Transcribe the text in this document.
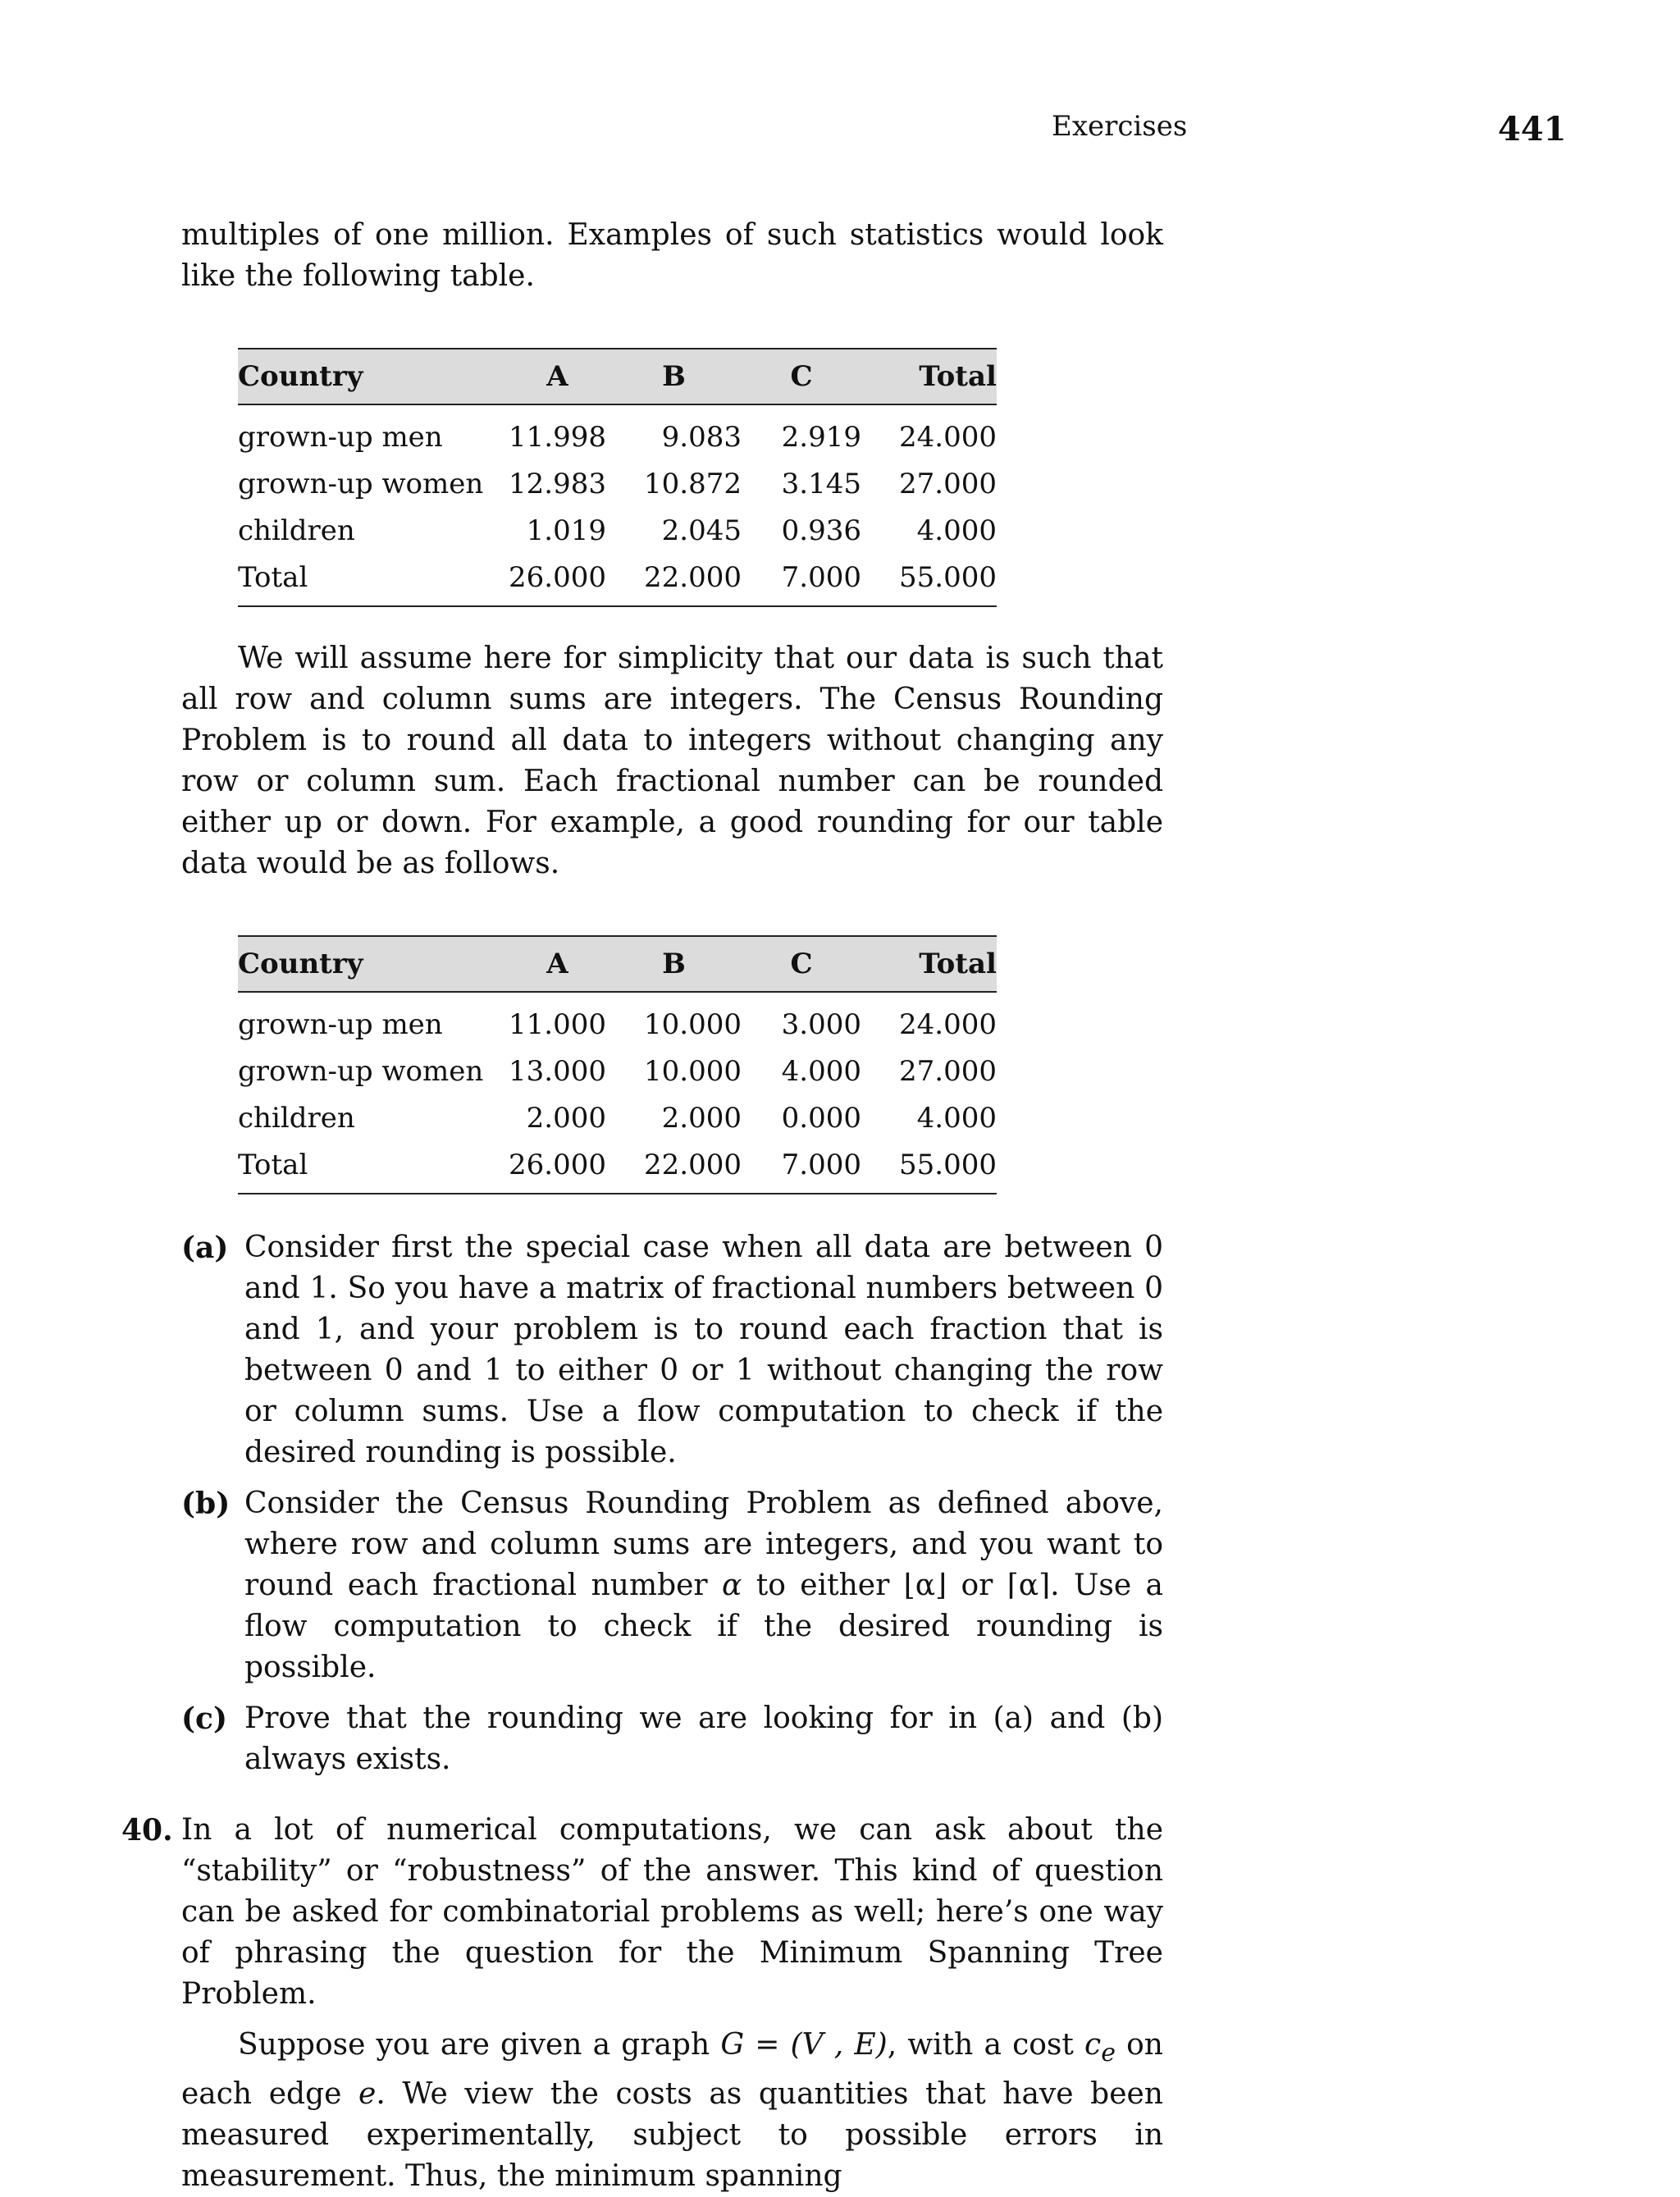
Exercises	441

multiples of one million. Examples of such statistics would look like the following table.

Country	A	B	C	Total
grown-up men	11.998	9.083	2.919	24.000
grown-up women	12.983	10.872	3.145	27.000
children	1.019	2.045	0.936	4.000
Total	26.000	22.000	7.000	55.000

We will assume here for simplicity that our data is such that all row and column sums are integers. The Census Rounding Problem is to round all data to integers without changing any row or column sum. Each fractional number can be rounded either up or down. For example, a good rounding for our table data would be as follows.

Country	A	B	C	Total
grown-up men	11.000	10.000	3.000	24.000
grown-up women	13.000	10.000	4.000	27.000
children	2.000	2.000	0.000	4.000
Total	26.000	22.000	7.000	55.000
(a) Consider first the special case when all data are between 0 and 1. So you have a matrix of fractional numbers between 0 and 1, and your problem is to round each fraction that is between 0 and 1 to either 0 or 1 without changing the row or column sums. Use a flow computation to check if the desired rounding is possible.

(b) Consider the Census Rounding Problem as defined above, where row and column sums are integers, and you want to round each fractional number α to either ⌊α⌋ or ⌈α⌉. Use a flow computation to check if the desired rounding is possible.

(c) Prove that the rounding we are looking for in (a) and (b) always exists.

40. In a lot of numerical computations, we can ask about the “stability” or “robustness” of the answer. This kind of question can be asked for combinatorial problems as well; here’s one way of phrasing the question for the Minimum Spanning Tree Problem.

Suppose you are given a graph G = (V , E), with a cost $c_e$ on each edge e. We view the costs as quantities that have been measured experimentally, subject to possible errors in measurement. Thus, the minimum spanning
